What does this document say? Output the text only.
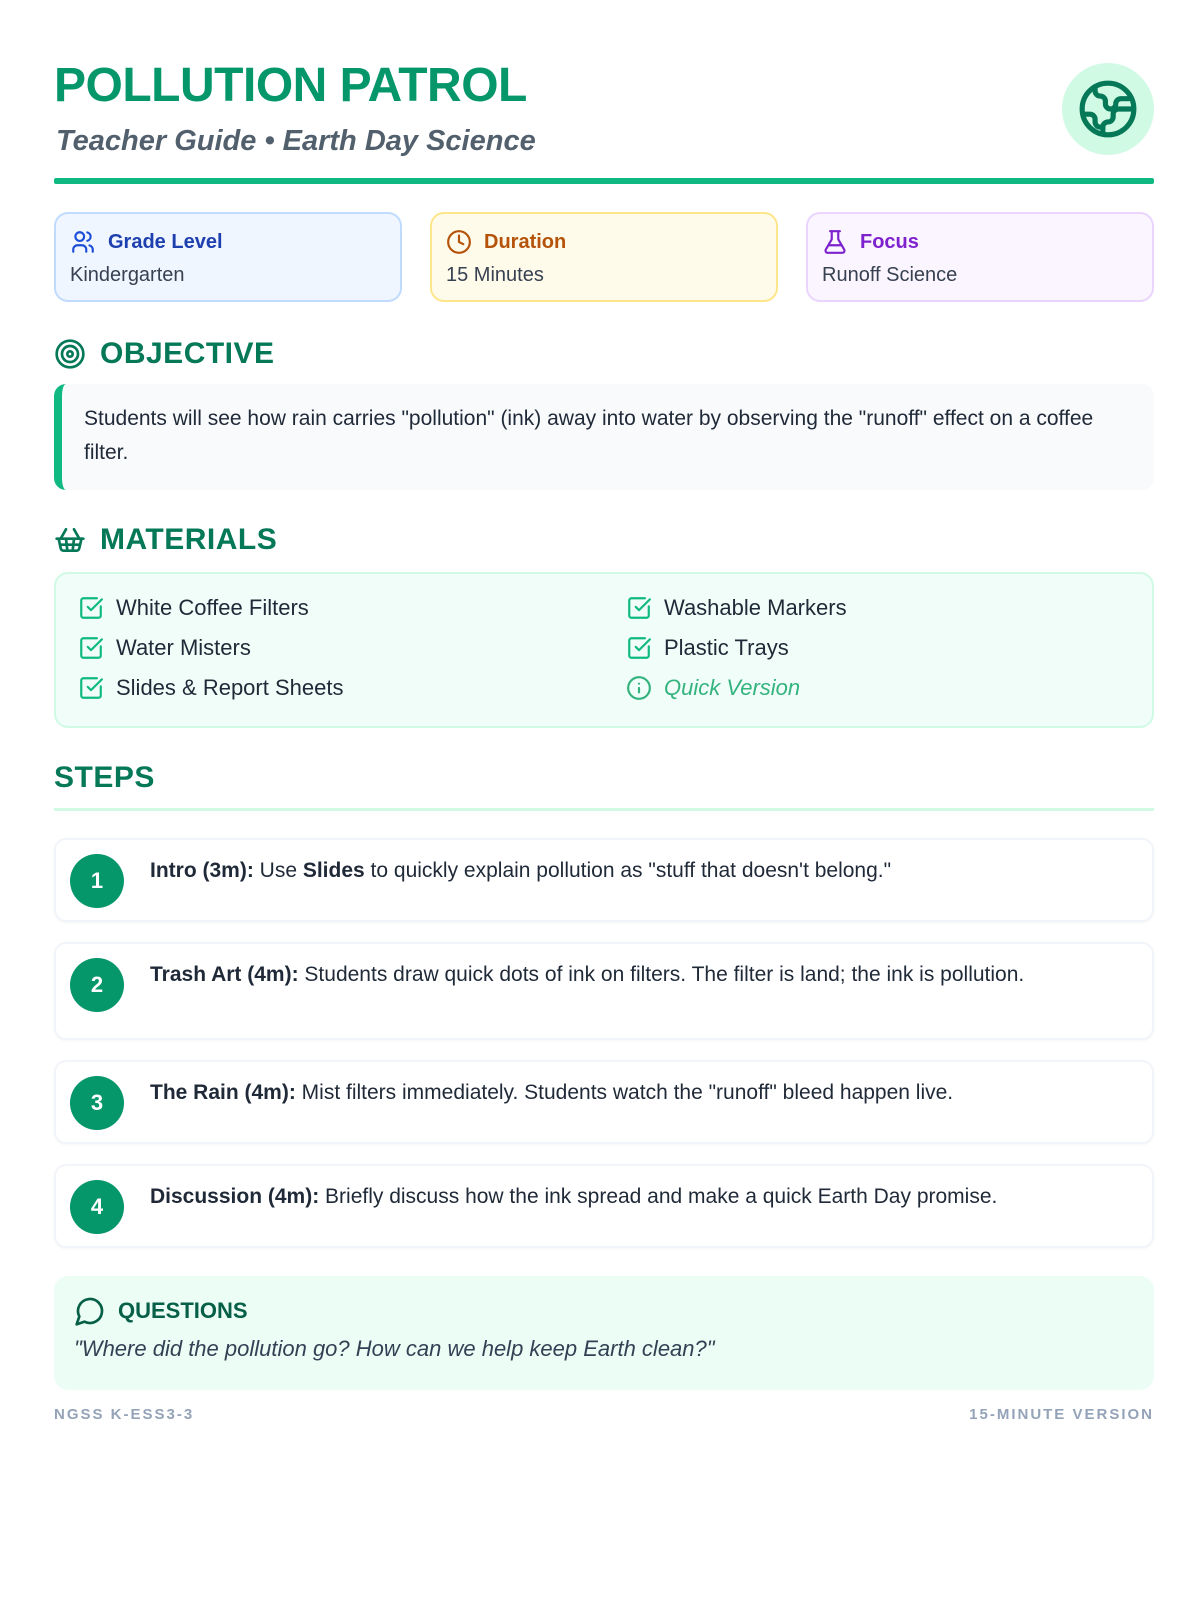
POLLUTION PATROL
Teacher Guide • Earth Day Science
Grade Level
Kindergarten
Duration
15 Minutes
Focus
Runoff Science
OBJECTIVE
Students will see how rain carries "pollution" (ink) away into water by observing the "runoff" effect on a coffee filter.
MATERIALS
White Coffee Filters	Washable Markers
Water Misters	Plastic Trays
Slides & Report Sheets	Quick Version
STEPS
1	Intro (3m): Use Slides to quickly explain pollution as "stuff that doesn't belong."
2	Trash Art (4m): Students draw quick dots of ink on filters. The filter is land; the ink is pollution.
3	The Rain (4m): Mist filters immediately. Students watch the "runoff" bleed happen live.
4	Discussion (4m): Briefly discuss how the ink spread and make a quick Earth Day promise.
QUESTIONS
"Where did the pollution go? How can we help keep Earth clean?"
NGSS K-ESS3-3	15-MINUTE VERSION
